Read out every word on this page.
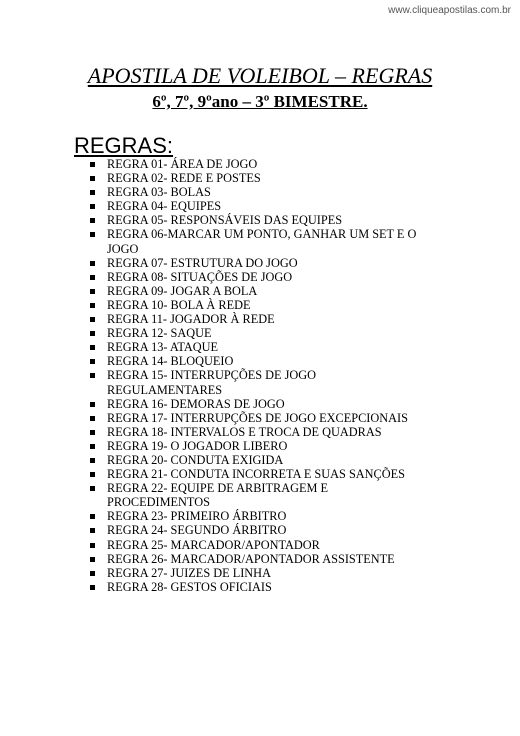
www.cliqueapostilas.com.br
APOSTILA DE VOLEIBOL – REGRAS
6º, 7º, 9ºano – 3º BIMESTRE.
REGRAS:
REGRA 01- ÁREA DE JOGO
REGRA 02- REDE E POSTES
REGRA 03- BOLAS
REGRA 04- EQUIPES
REGRA 05- RESPONSÁVEIS DAS EQUIPES
REGRA 06-MARCAR UM PONTO, GANHAR UM SET E O JOGO
REGRA 07- ESTRUTURA DO JOGO
REGRA 08- SITUAÇÕES DE JOGO
REGRA 09- JOGAR A BOLA
REGRA 10- BOLA À REDE
REGRA 11- JOGADOR À REDE
REGRA 12- SAQUE
REGRA 13- ATAQUE
REGRA 14- BLOQUEIO
REGRA 15- INTERRUPÇÕES DE JOGO REGULAMENTARES
REGRA 16- DEMORAS DE JOGO
REGRA 17- INTERRUPÇÕES DE JOGO EXCEPCIONAIS
REGRA 18- INTERVALOS E TROCA DE QUADRAS
REGRA 19- O JOGADOR LIBERO
REGRA 20- CONDUTA EXIGIDA
REGRA 21- CONDUTA INCORRETA E SUAS SANÇÕES
REGRA 22- EQUIPE DE ARBITRAGEM E PROCEDIMENTOS
REGRA 23- PRIMEIRO ÁRBITRO
REGRA 24- SEGUNDO ÁRBITRO
REGRA 25- MARCADOR/APONTADOR
REGRA 26- MARCADOR/APONTADOR ASSISTENTE
REGRA 27- JUIZES DE LINHA
REGRA 28- GESTOS OFICIAIS
